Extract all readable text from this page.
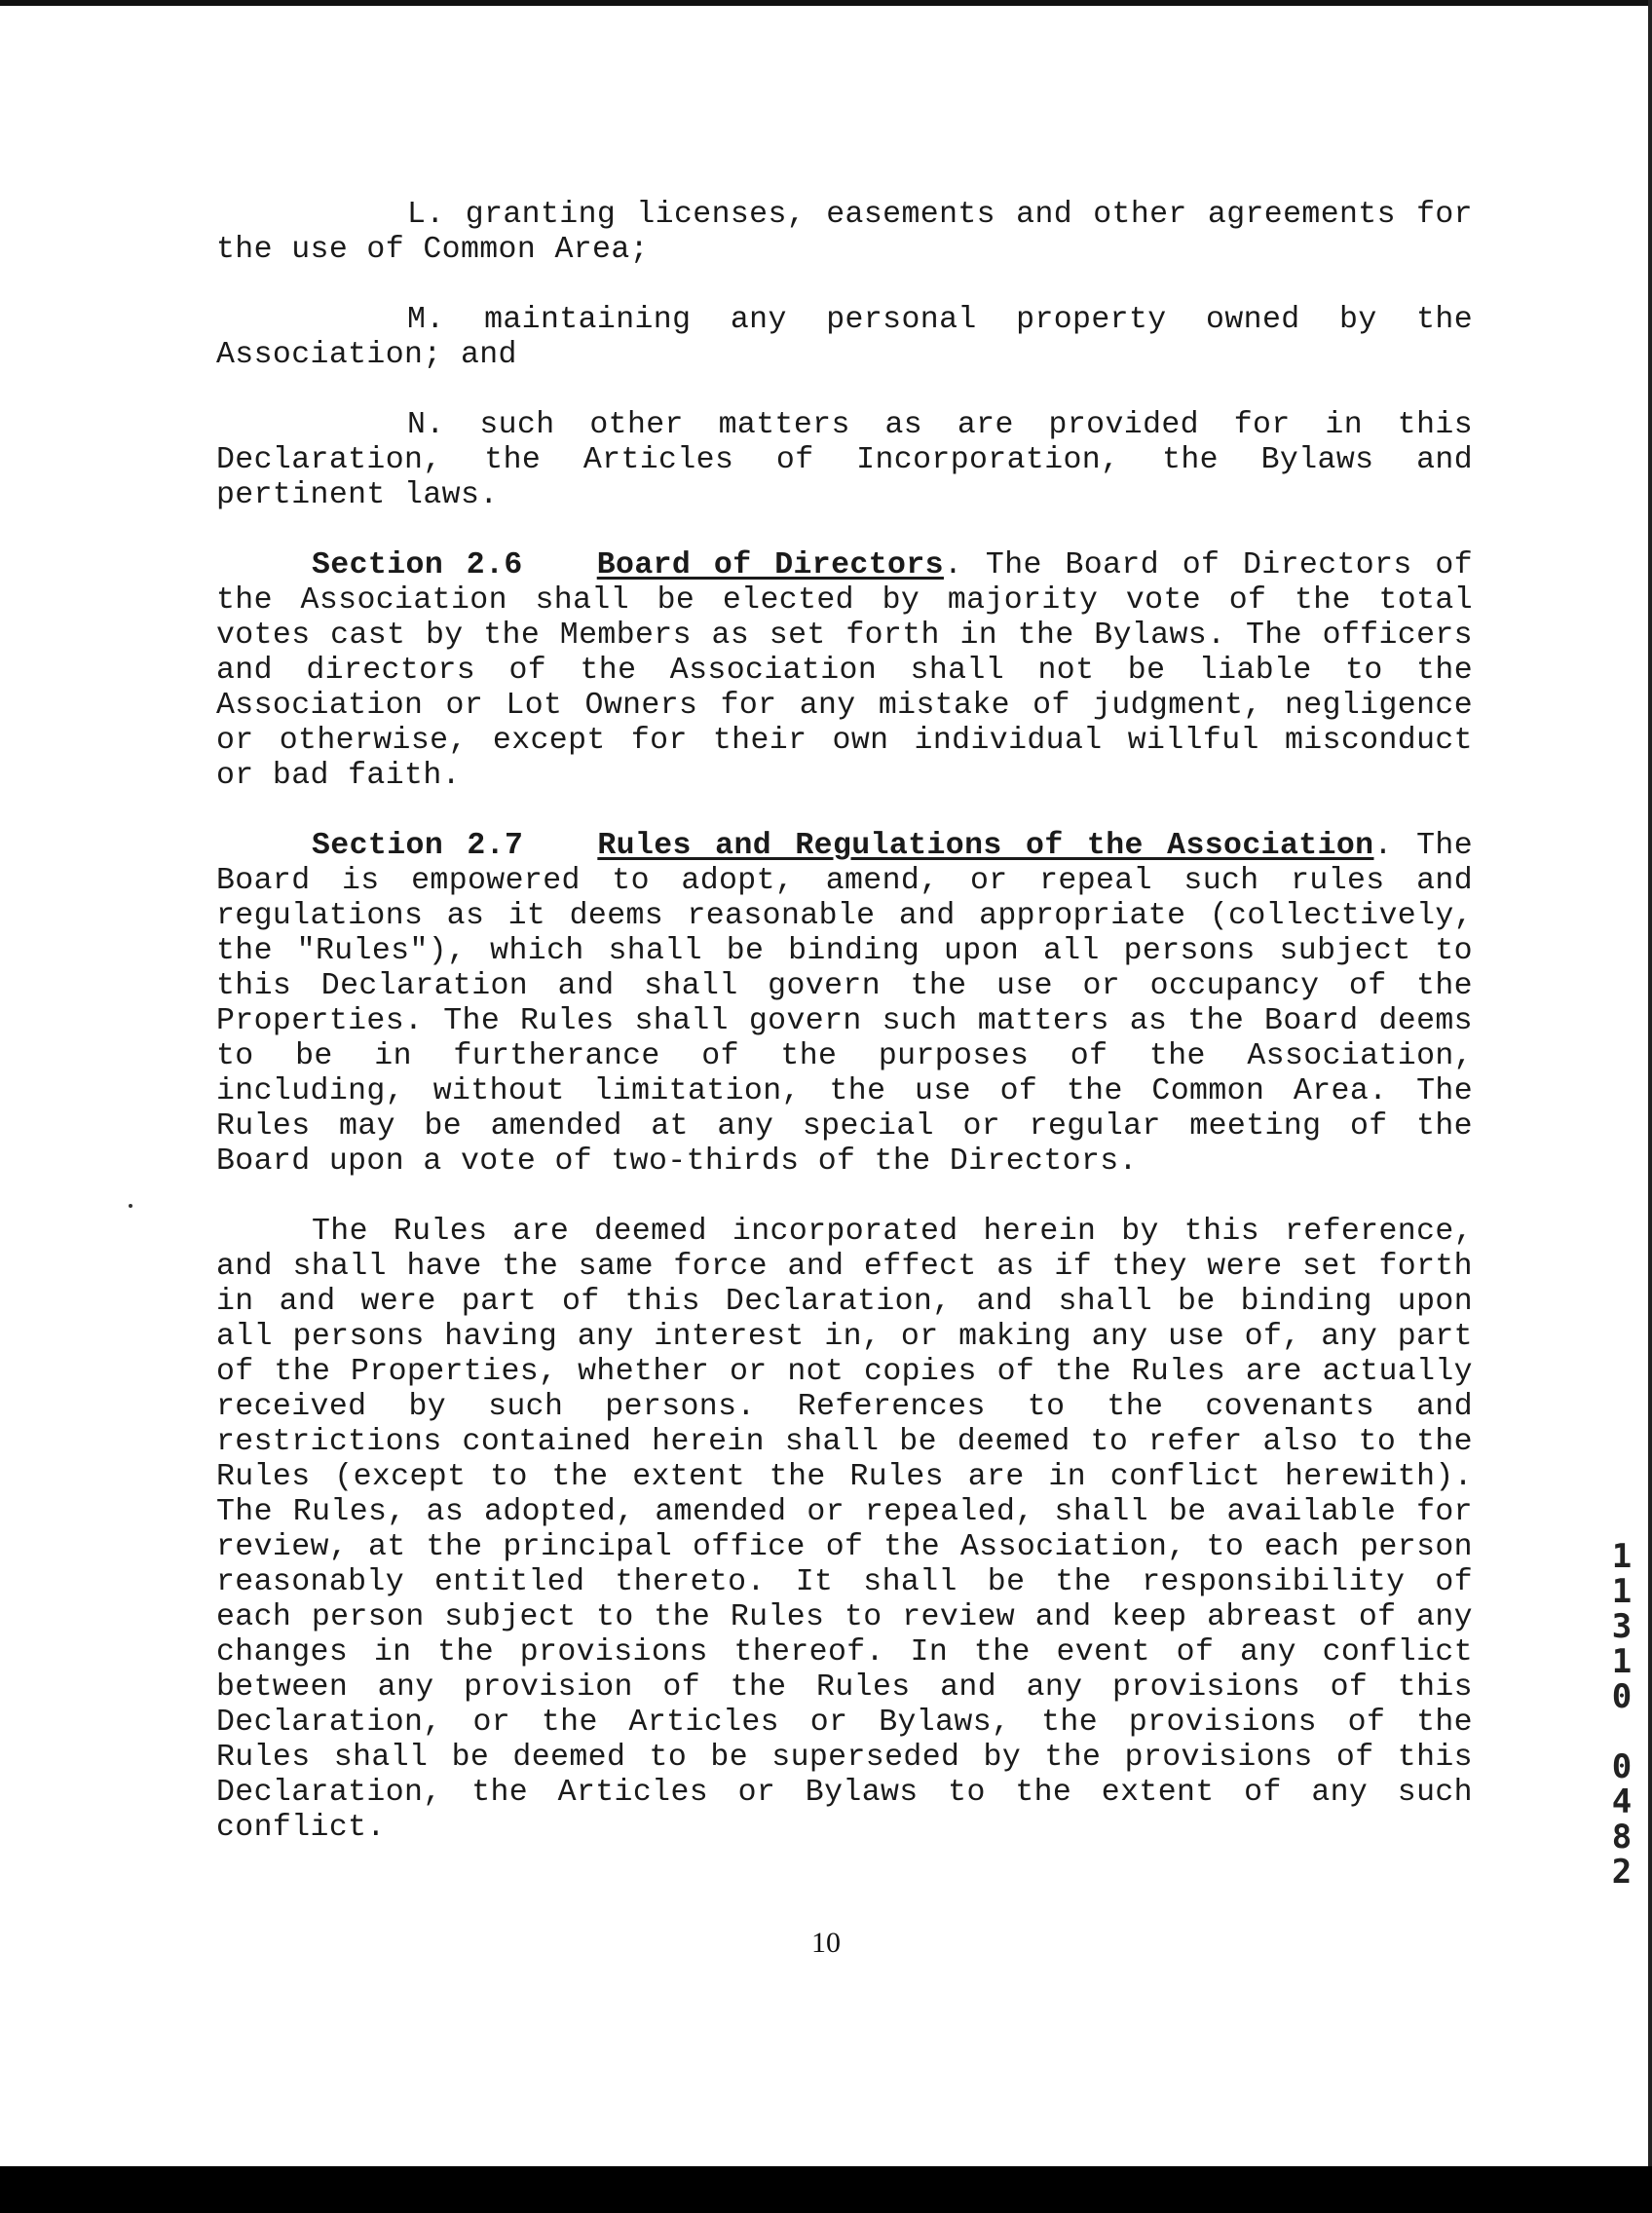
L. granting licenses, easements and other agreements for the use of Common Area;

M. maintaining any personal property owned by the Association; and

N. such other matters as are provided for in this Declaration, the Articles of Incorporation, the Bylaws and pertinent laws.

Section 2.6 Board of Directors. The Board of Directors of the Association shall be elected by majority vote of the total votes cast by the Members as set forth in the Bylaws. The officers and directors of the Association shall not be liable to the Association or Lot Owners for any mistake of judgment, negligence or otherwise, except for their own individual willful misconduct or bad faith.

Section 2.7 Rules and Regulations of the Association. The Board is empowered to adopt, amend, or repeal such rules and regulations as it deems reasonable and appropriate (collectively, the "Rules"), which shall be binding upon all persons subject to this Declaration and shall govern the use or occupancy of the Properties. The Rules shall govern such matters as the Board deems to be in furtherance of the purposes of the Association, including, without limitation, the use of the Common Area. The Rules may be amended at any special or regular meeting of the Board upon a vote of two-thirds of the Directors.

The Rules are deemed incorporated herein by this reference, and shall have the same force and effect as if they were set forth in and were part of this Declaration, and shall be binding upon all persons having any interest in, or making any use of, any part of the Properties, whether or not copies of the Rules are actually received by such persons. References to the covenants and restrictions contained herein shall be deemed to refer also to the Rules (except to the extent the Rules are in conflict herewith). The Rules, as adopted, amended or repealed, shall be available for review, at the principal office of the Association, to each person reasonably entitled thereto. It shall be the responsibility of each person subject to the Rules to review and keep abreast of any changes in the provisions thereof. In the event of any conflict between any provision of the Rules and any provisions of this Declaration, or the Articles or Bylaws, the provisions of the Rules shall be deemed to be superseded by the provisions of this Declaration, the Articles or Bylaws to the extent of any such conflict.

1
1
3
1
0
0
4
8
2
10
